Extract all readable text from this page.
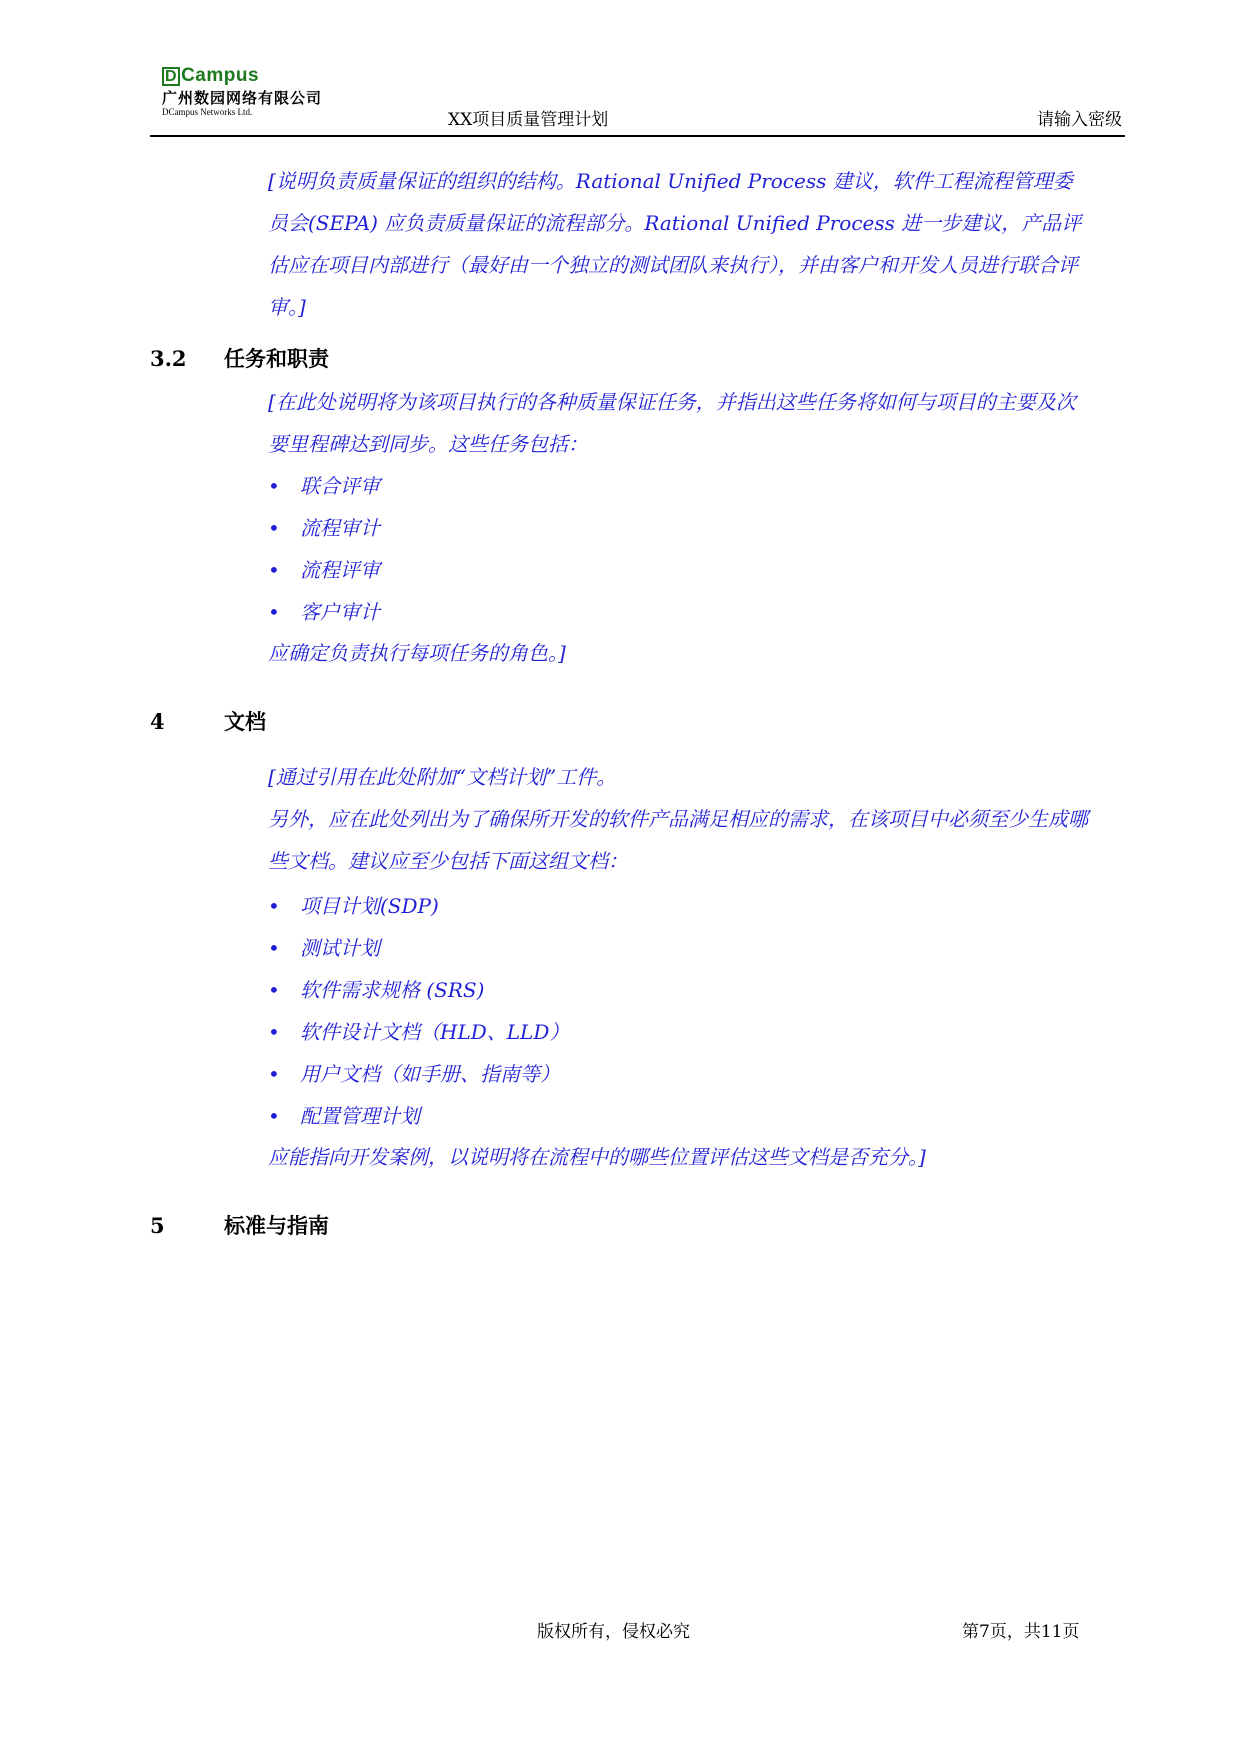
D Campus
广州数园网络有限公司
DCampus Networks Ltd.	XX项目质量管理计划	请输入密级

[说明负责质量保证的组织的结构。Rational Unified Process 建议，软件工程流程管理委员会(SEPA) 应负责质量保证的流程部分。Rational Unified Process 进一步建议，产品评估应在项目内部进行（最好由一个独立的测试团队来执行），并由客户和开发人员进行联合评审。]

3.2 任务和职责

[在此处说明将为该项目执行的各种质量保证任务，并指出这些任务将如何与项目的主要及次要里程碑达到同步。这些任务包括：

• 联合评审
• 流程审计
• 流程评审
• 客户审计

应确定负责执行每项任务的角色。]

4	文档

[通过引用在此处附加“文档计划”工件。

另外，应在此处列出为了确保所开发的软件产品满足相应的需求，在该项目中必须至少生成哪些文档。建议应至少包括下面这组文档：

• 项目计划(SDP)
• 测试计划
• 软件需求规格 (SRS)
• 软件设计文档（HLD、LLD）
• 用户文档（如手册、指南等）
• 配置管理计划

应能指向开发案例，以说明将在流程中的哪些位置评估这些文档是否充分。]

5	标准与指南
版权所有，侵权必究	第7页，共11页
